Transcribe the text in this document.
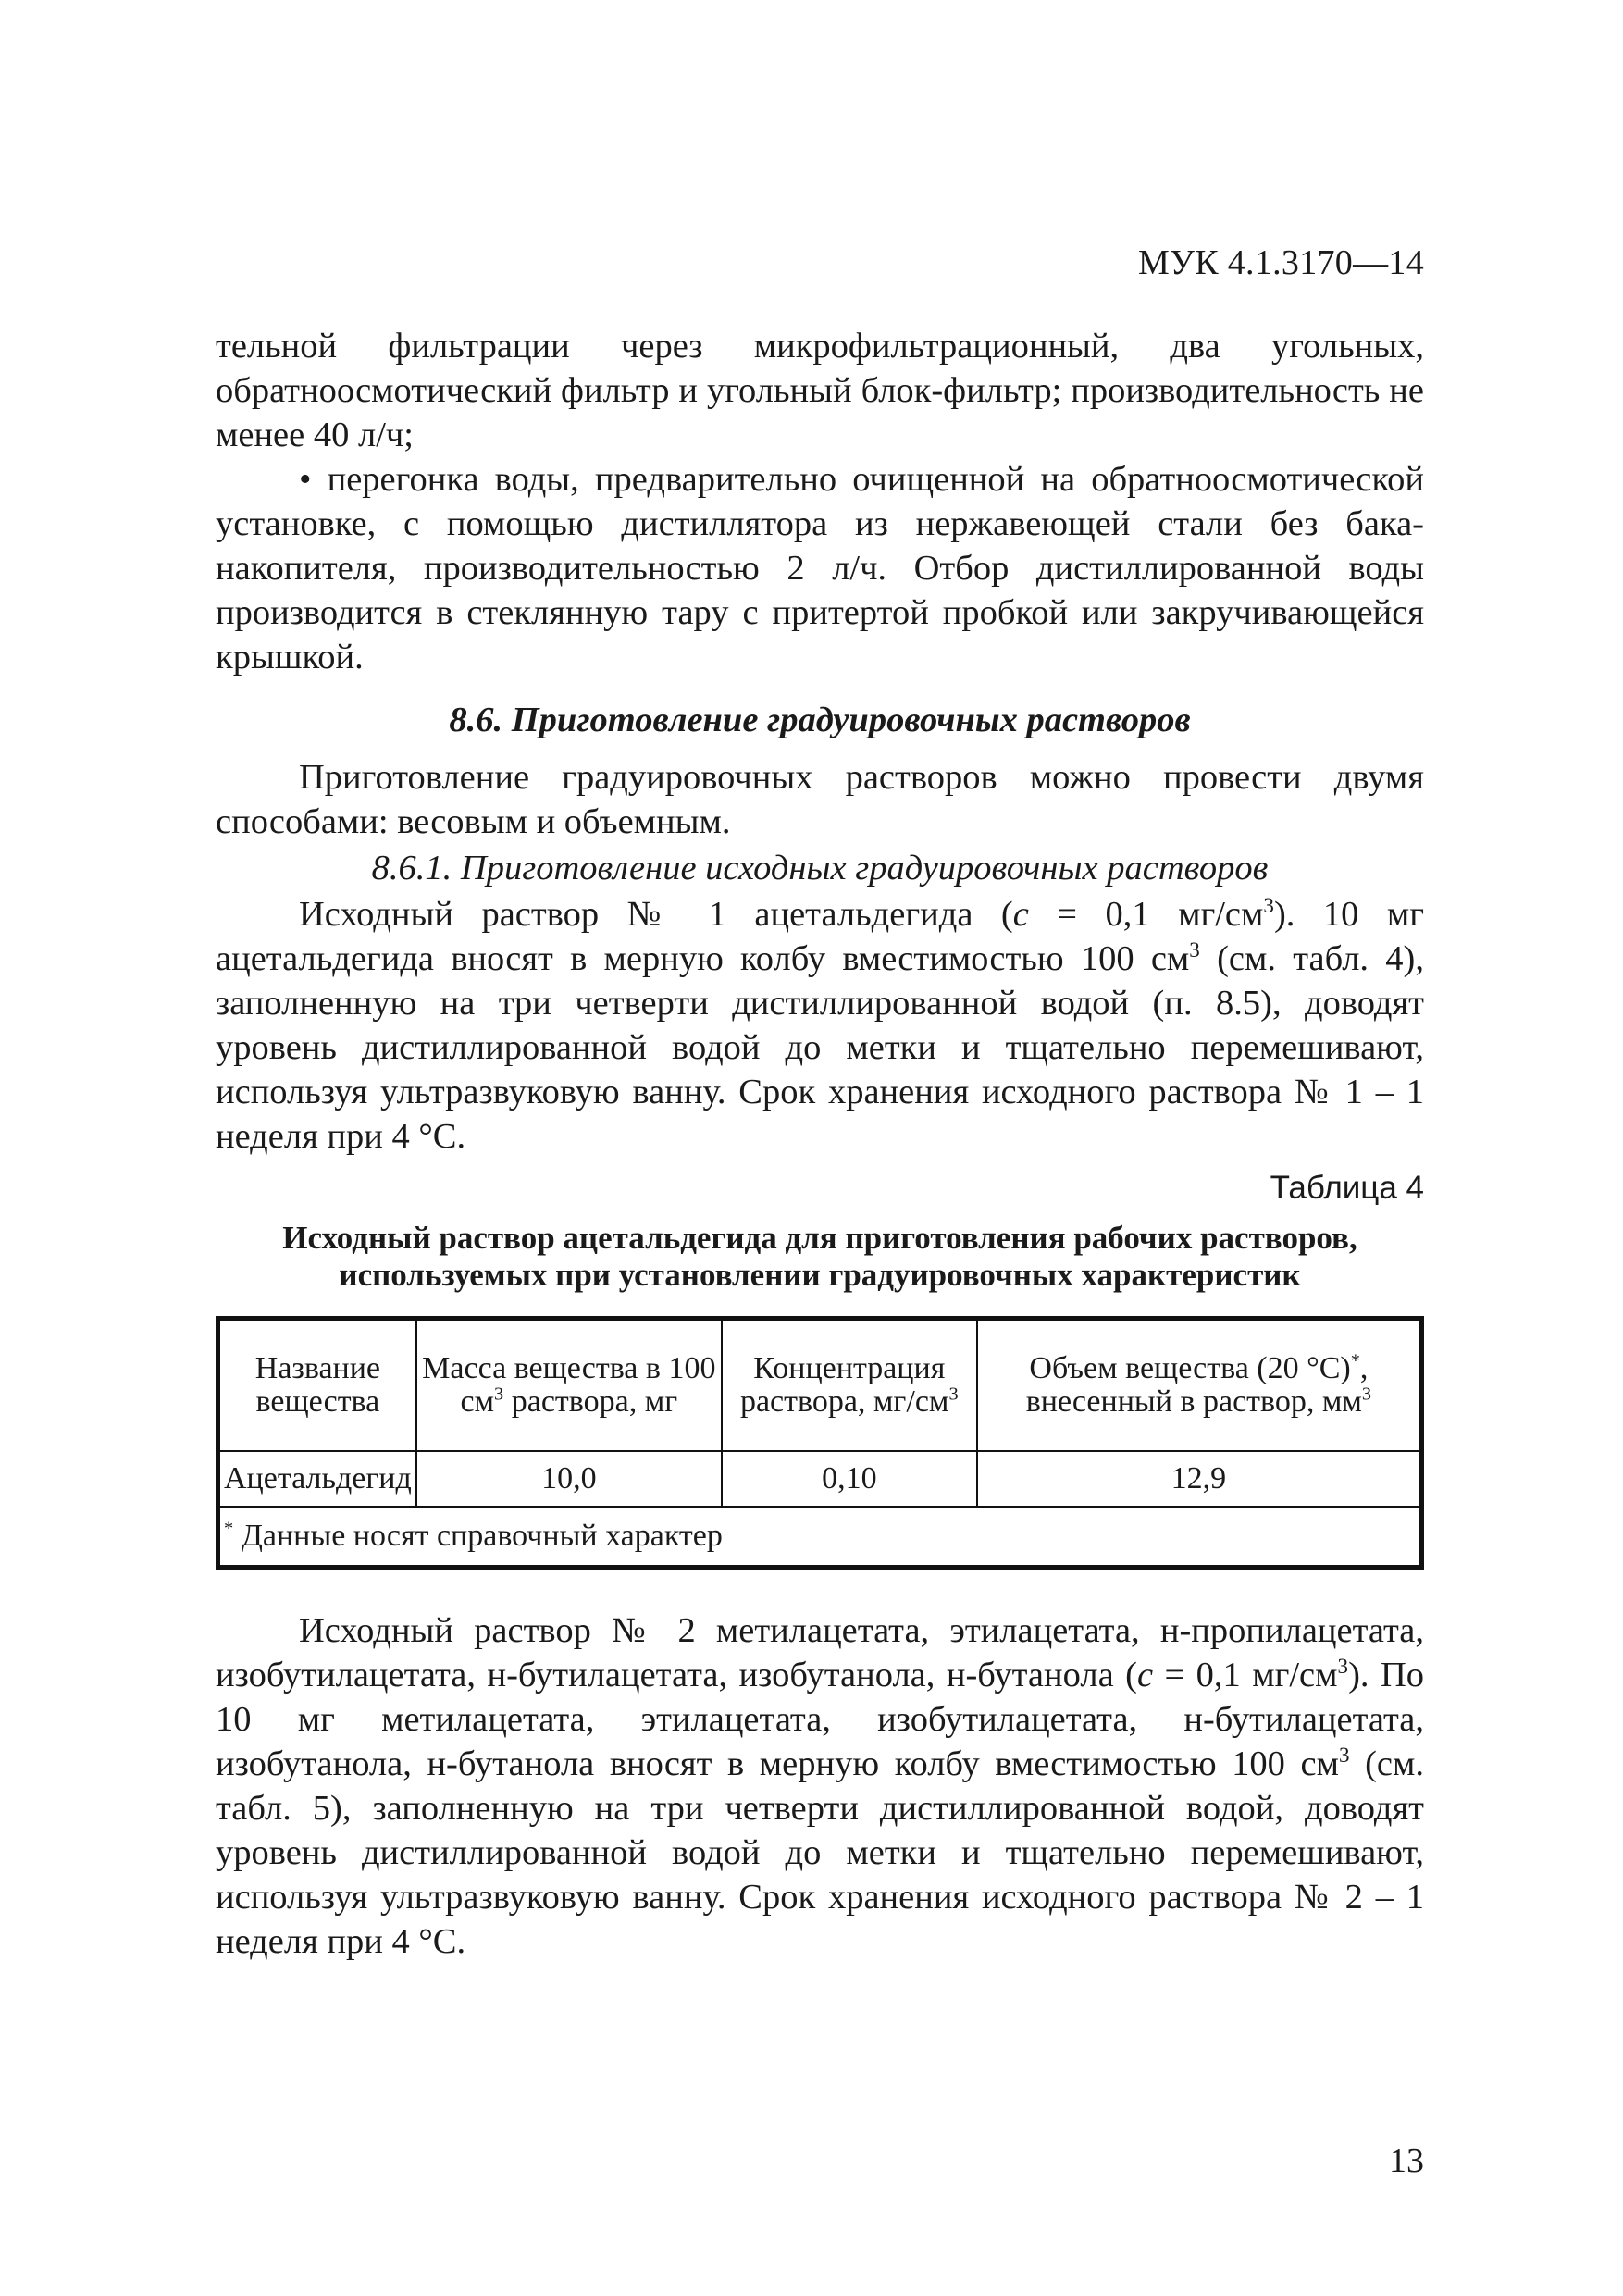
МУК 4.1.3170—14

тельной фильтрации через микрофильтрационный, два угольных, обратноосмотический фильтр и угольный блок-фильтр; производительность не менее 40 л/ч;

• перегонка воды, предварительно очищенной на обратноосмотической установке, с помощью дистиллятора из нержавеющей стали без бака-накопителя, производительностью 2 л/ч. Отбор дистиллированной воды производится в стеклянную тару с притертой пробкой или закручивающейся крышкой.

8.6. Приготовление градуировочных растворов

Приготовление градуировочных растворов можно провести двумя способами: весовым и объемным.

8.6.1. Приготовление исходных градуировочных растворов

Исходный раствор № 1 ацетальдегида (c = 0,1 $мг/см^3$). 10 мг ацетальдегида вносят в мерную колбу вместимостью 100 $см^3$ (см. табл. 4), заполненную на три четверти дистиллированной водой (п. 8.5), доводят уровень дистиллированной водой до метки и тщательно перемешивают, используя ультразвуковую ванну. Срок хранения исходного раствора № 1 – 1 неделя при 4 °С.

Таблица 4
Исходный раствор ацетальдегида для приготовления рабочих растворов,
используемых при установлении градуировочных характеристик
Название вещества	Масса вещества в 100 $см^3$ раствора, мг	Концентрация раствора, $мг/см^3$	Объем вещества (20 °С)*, внесенный в раствор, $мм^3$
Ацетальдегид	10,0	0,10	12,9
* Данные носят справочный характер			

Исходный раствор № 2 метилацетата, этилацетата, н-пропилацетата, изобутилацетата, н-бутилацетата, изобутанола, н-бутанола (c = 0,1 $мг/см^3$). По 10 мг метилацетата, этилацетата, изобутилацетата, н-бутилацетата, изобутанола, н-бутанола вносят в мерную колбу вместимостью 100 $см^3$ (см. табл. 5), заполненную на три четверти дистиллированной водой, доводят уровень дистиллированной водой до метки и тщательно перемешивают, используя ультразвуковую ванну. Срок хранения исходного раствора № 2 – 1 неделя при 4 °С.

13
